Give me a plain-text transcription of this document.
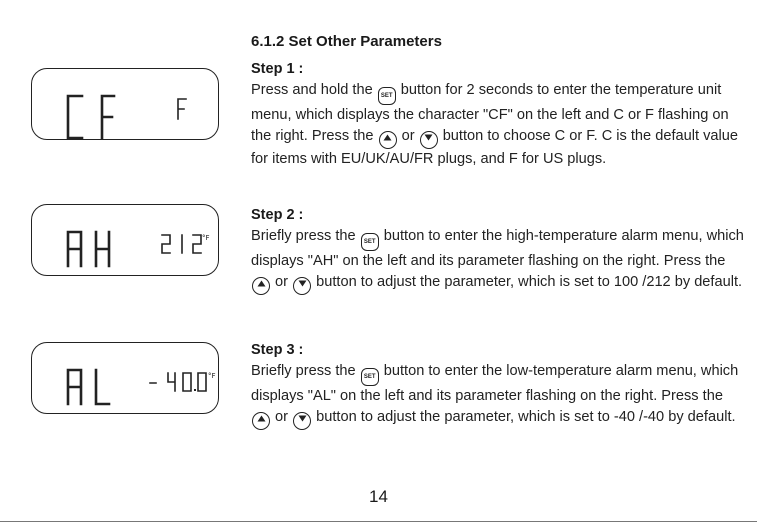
°F
°F
6.1.2 Set Other Parameters
Step 1 :

Press and hold the SET button for 2 seconds to enter the temperature unit menu, which displays the character "CF" on the left and C or F flashing on the right. Press the  or  button to choose C or F. C is the default value for items with EU/UK/AU/FR plugs, and F for US plugs.

Step 2 :

Briefly press the SET button to enter the high-temperature alarm menu, which displays "AH" on the left and its parameter flashing on the right. Press the  or  button to adjust the parameter, which is set to 100 /212 by default.

Step 3 :

Briefly press the SET button to enter the low-temperature alarm menu, which displays "AL" on the left and its parameter flashing on the right. Press the  or  button to adjust the parameter, which is set to -40 /-40 by default.

14
